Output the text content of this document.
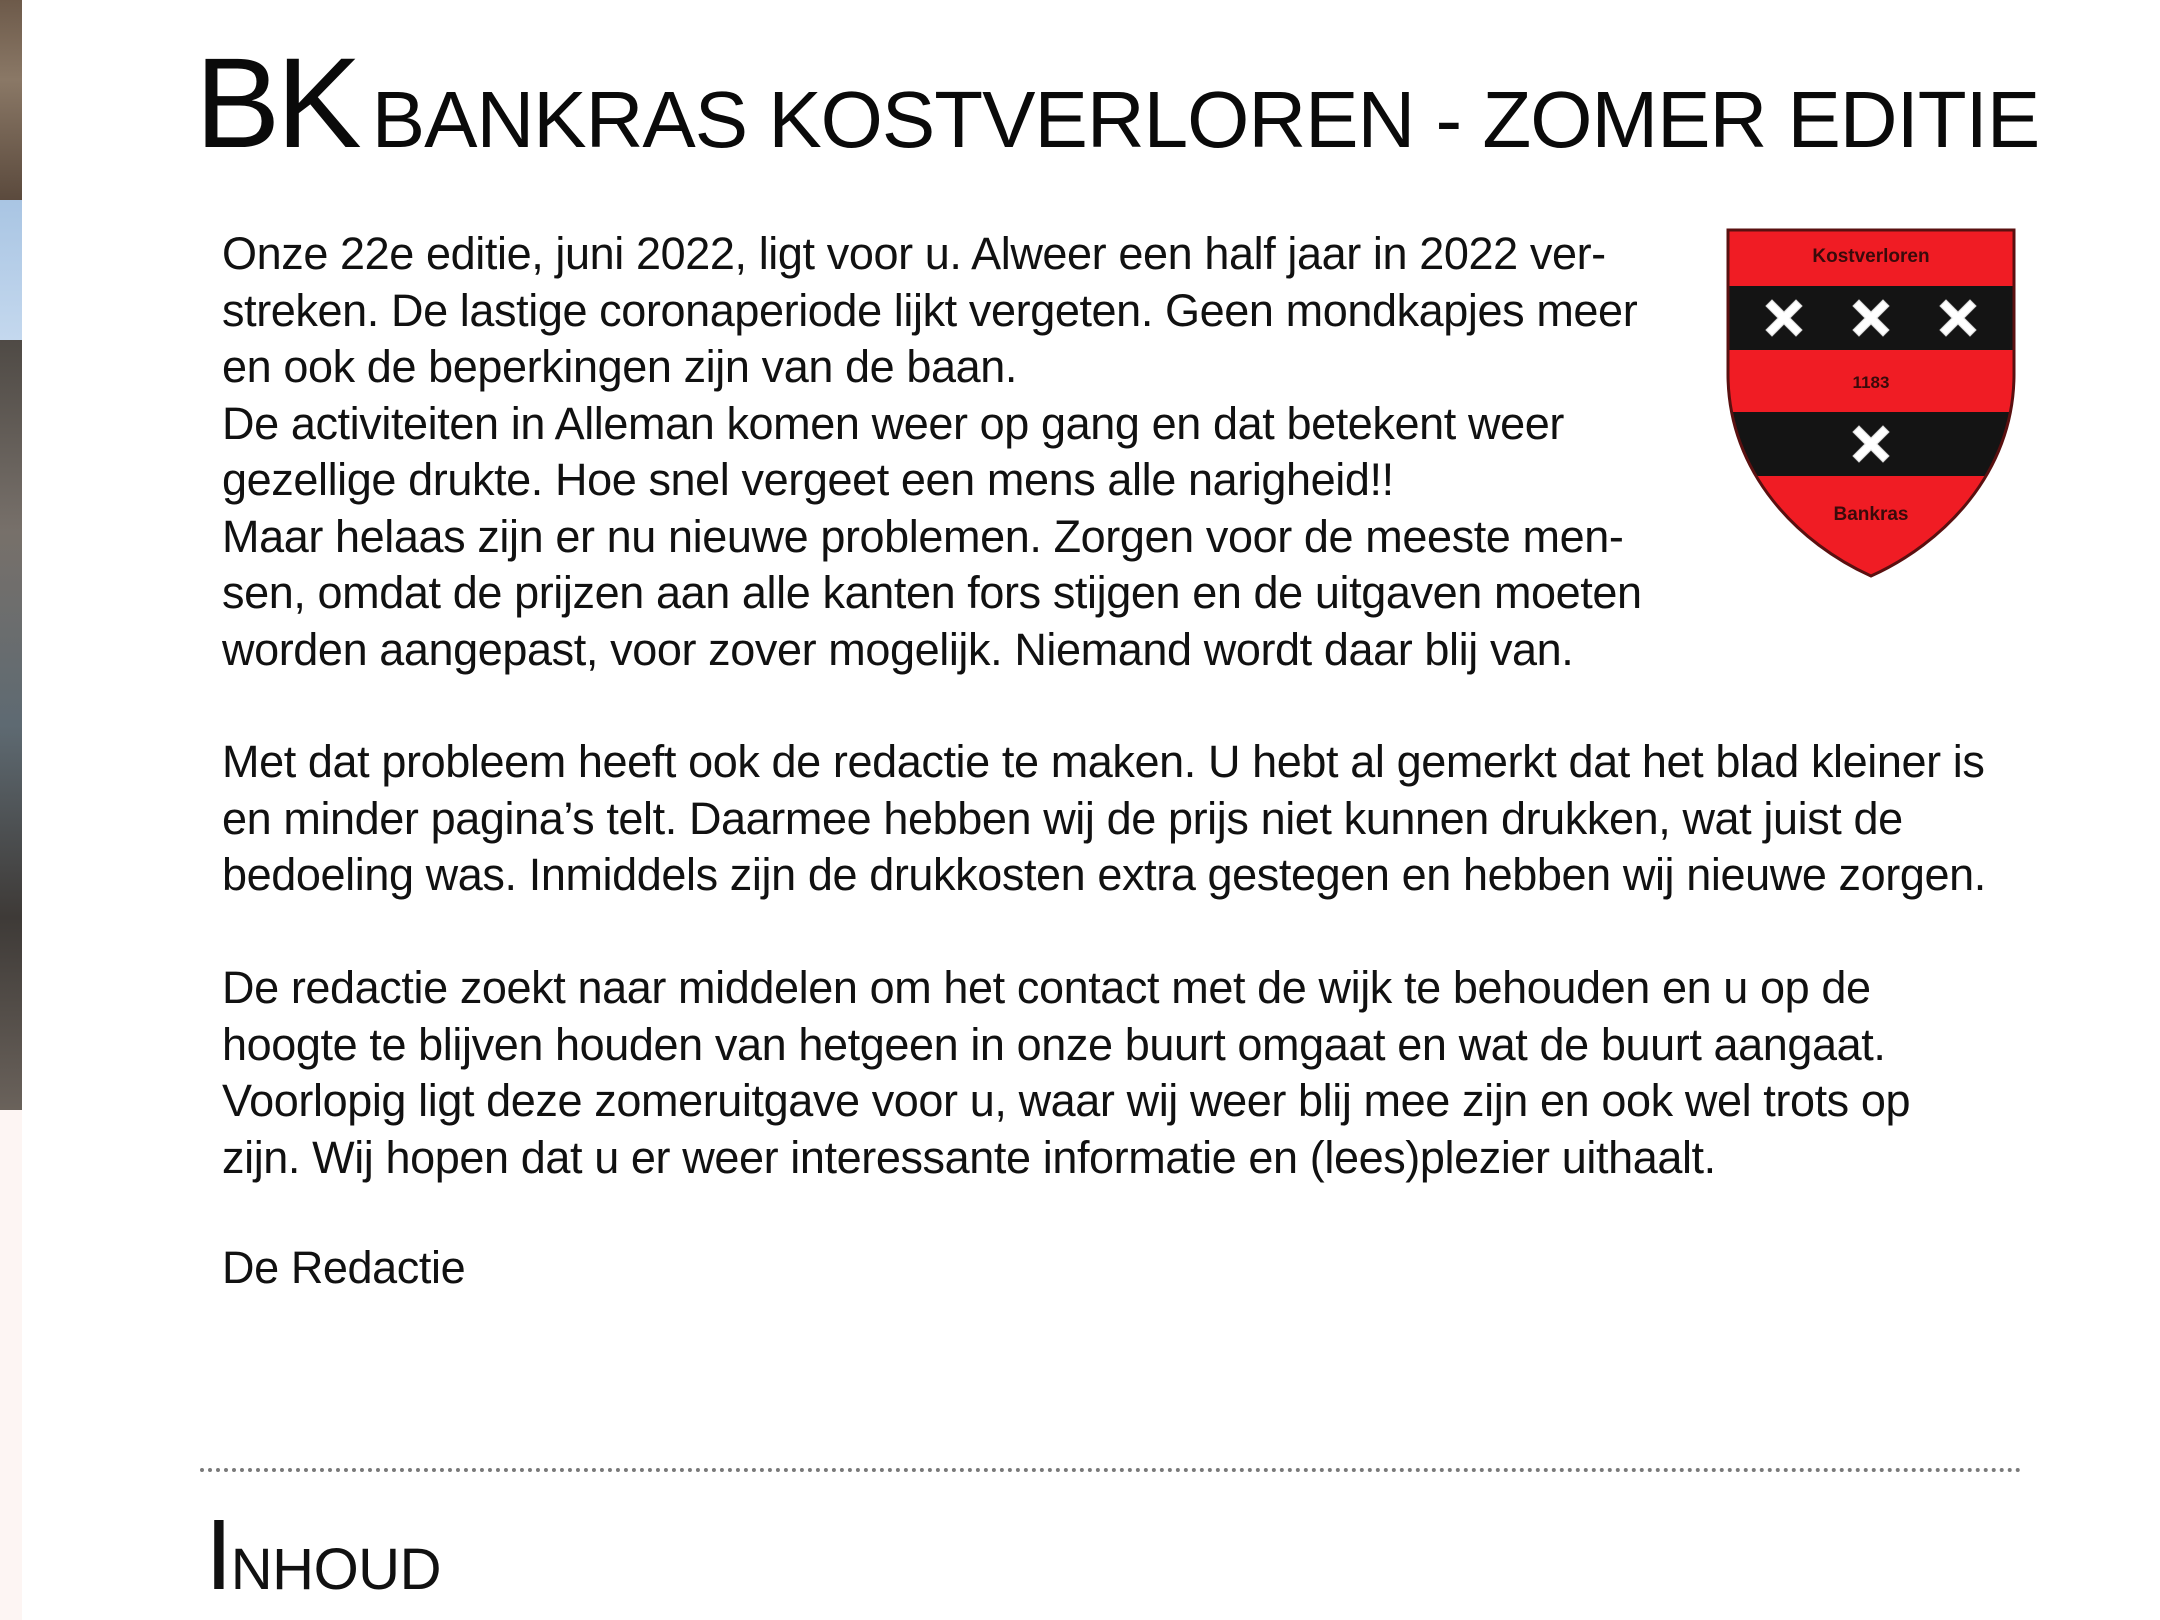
BK BANKRAS KOSTVERLOREN - ZOMER EDITIE
Onze 22e editie, juni 2022, ligt voor u. Alweer een half jaar in 2022 ver-
streken. De lastige coronaperiode lijkt vergeten. Geen mondkapjes meer
en ook de beperkingen zijn van de baan.
De activiteiten in Alleman komen weer op gang en dat betekent weer
gezellige drukte. Hoe snel vergeet een mens alle narigheid!!
Maar helaas zijn er nu nieuwe problemen. Zorgen voor de meeste men-
sen, omdat de prijzen aan alle kanten fors stijgen en de uitgaven moeten
worden aangepast, voor zover mogelijk. Niemand wordt daar blij van.
Kostverloren
1183
Bankras
Met dat probleem heeft ook de redactie te maken. U hebt al gemerkt dat het blad kleiner is
en minder pagina’s telt. Daarmee hebben wij de prijs niet kunnen drukken, wat juist de
bedoeling was. Inmiddels zijn de drukkosten extra gestegen en hebben wij nieuwe zorgen.
De redactie zoekt naar middelen om het contact met de wijk te behouden en u op de
hoogte te blijven houden van hetgeen in onze buurt omgaat en wat de buurt aangaat.
Voorlopig ligt deze zomeruitgave voor u, waar wij weer blij mee zijn en ook wel trots op
zijn. Wij hopen dat u er weer interessante informatie en (lees)plezier uithaalt.
De Redactie
INHOUD
